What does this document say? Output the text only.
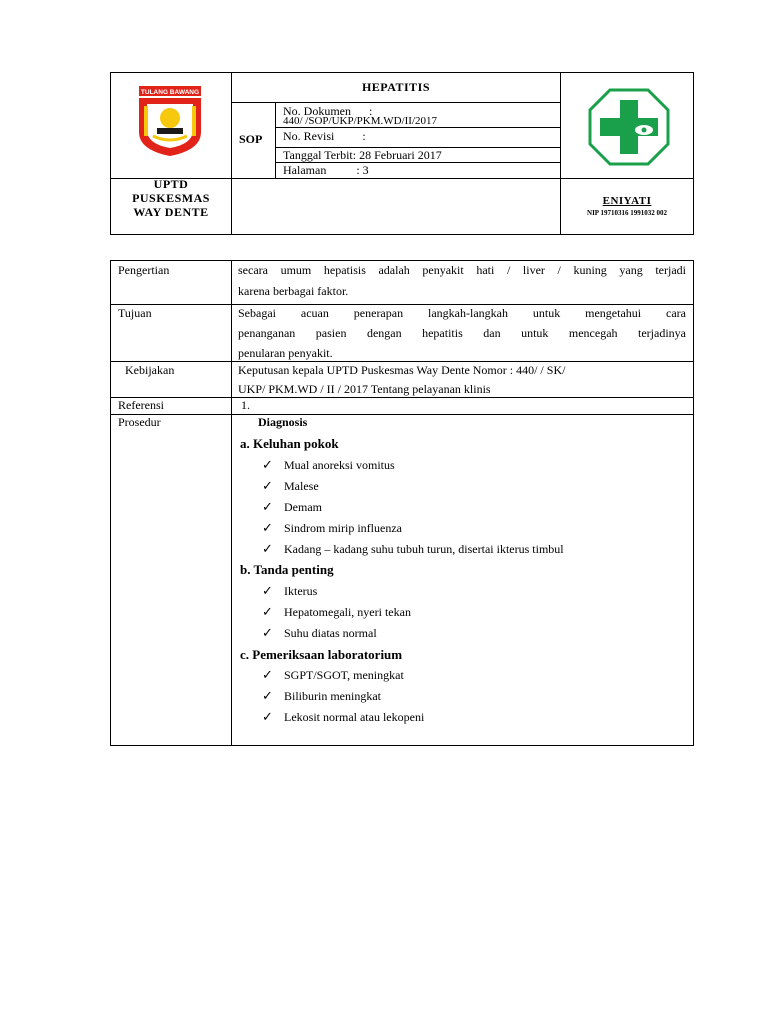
TULANG BAWANG	HEPATITIS
SOP
No. Dokumen :
440/ /SOP/UKP/PKM.WD/II/2017
No. Revisi :
Tanggal Terbit: 28 Februari 2017
Halaman	: 3
UPTD
PUSKESMAS
WAY DENTE
ENIYATI
NIP 19710316 1991032 002
Pengertian
Tujuan
Kebijakan
Referensi
Prosedur
secara umum hepatisis adalah penyakit hati / liver / kuning yang terjadi
karena berbagai faktor.
Sebagai acuan penerapan langkah-langkah untuk mengetahui cara
penanganan pasien dengan hepatitis dan untuk mencegah terjadinya
penularan penyakit.
Keputusan kepala UPTD Puskesmas Way Dente Nomor : 440/ / SK/
UKP/ PKM.WD / II / 2017 Tentang pelayanan klinis
1.
Diagnosis
a. Keluhan pokok
✓ Mual anoreksi vomitus
✓ Malese
✓ Demam
✓ Sindrom mirip influenza
✓ Kadang – kadang suhu tubuh turun, disertai ikterus timbul
b. Tanda penting
✓ Ikterus
✓ Hepatomegali, nyeri tekan
✓ Suhu diatas normal
c. Pemeriksaan laboratorium
✓ SGPT/SGOT, meningkat
✓ Biliburin meningkat
✓ Lekosit normal atau lekopeni
